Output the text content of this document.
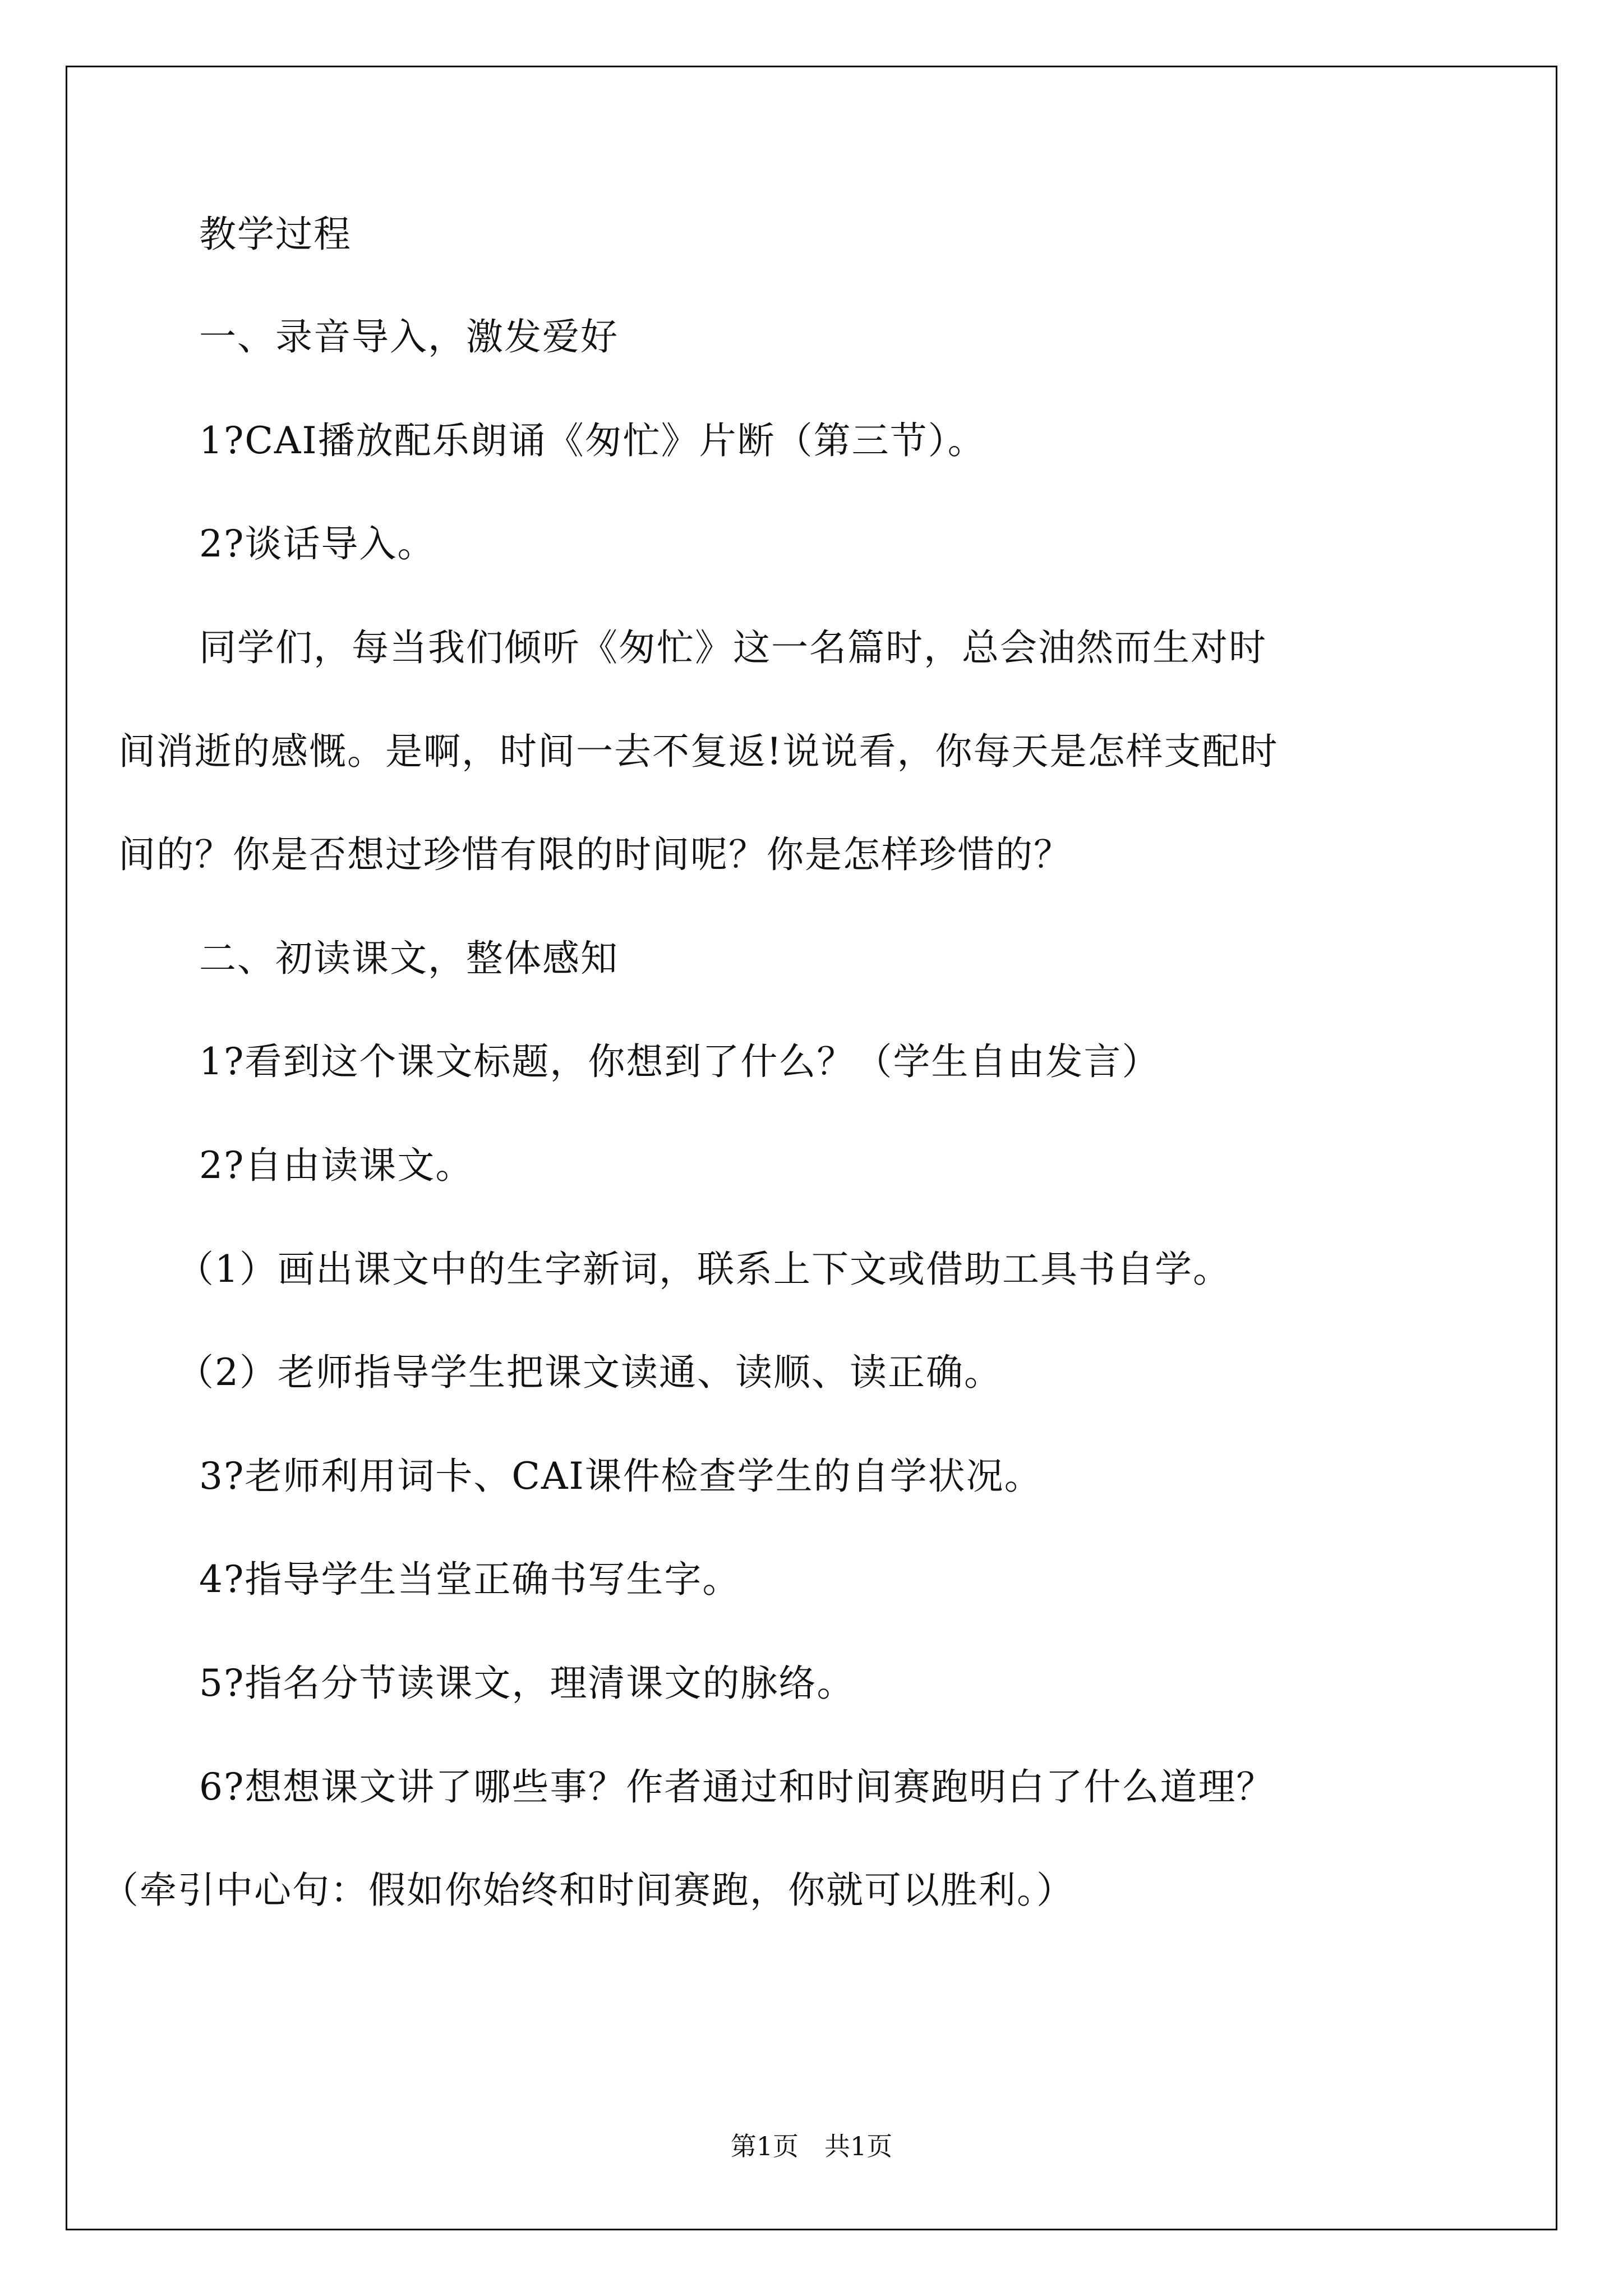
教学过程
一、录音导入，激发爱好
1?CAI播放配乐朗诵《匆忙》片断（第三节）。
2?谈话导入。
同学们，每当我们倾听《匆忙》这一名篇时，总会油然而生对时
间消逝的感慨。是啊，时间一去不复返!说说看，你每天是怎样支配时
间的？你是否想过珍惜有限的时间呢？你是怎样珍惜的？
二、初读课文，整体感知
1?看到这个课文标题，你想到了什么？（学生自由发言）
2?自由读课文。
（1）画出课文中的生字新词，联系上下文或借助工具书自学。
（2）老师指导学生把课文读通、读顺、读正确。
3?老师利用词卡、CAI课件检查学生的自学状况。
4?指导学生当堂正确书写生字。
5?指名分节读课文，理清课文的脉络。
6?想想课文讲了哪些事？作者通过和时间赛跑明白了什么道理？
（牵引中心句：假如你始终和时间赛跑，你就可以胜利。）
第1页　共1页
